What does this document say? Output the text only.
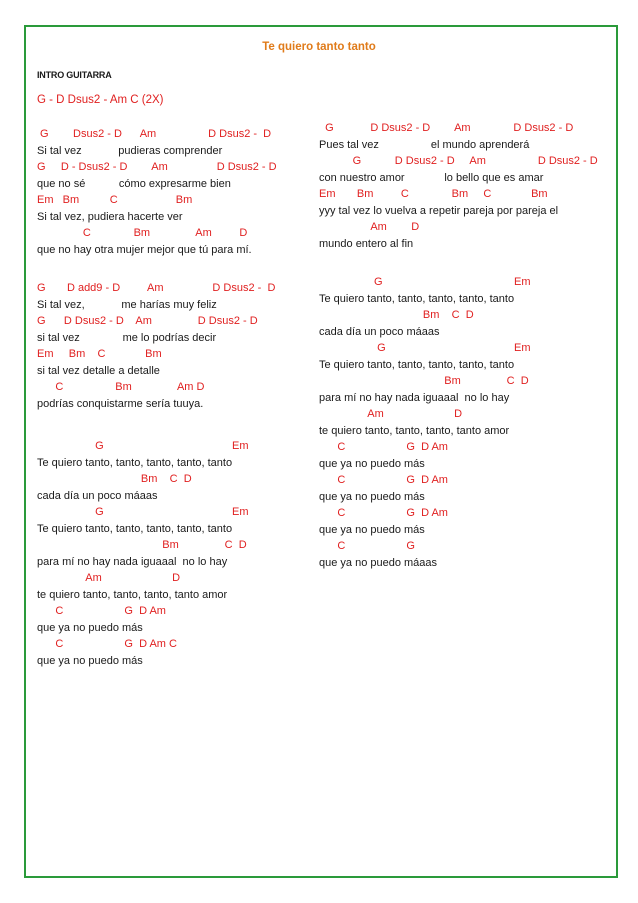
Te quiero tanto tanto
INTRO GUITARRA
G - D Dsus2 - Am C (2X)
G        Dsus2 - D      Am                 D Dsus2 -  D
Si tal vez            pudieras comprender
G     D - Dsus2 - D        Am                D Dsus2 - D
que no sé           cómo expresarme bien
Em   Bm          C                   Bm
Si tal vez, pudiera hacerte ver
C              Bm               Am         D
que no hay otra mujer mejor que tú para mí.
G       D add9 - D         Am                D Dsus2 -  D
Si tal vez,            me harías muy feliz
G      D Dsus2 - D    Am               D Dsus2 - D
si tal vez              me lo podrías decir
Em     Bm    C             Bm
si tal vez detalle a detalle
C                 Bm               Am D
podrías conquistarme sería tuuya.
G                                          Em
Te quiero tanto, tanto, tanto, tanto, tanto
Bm    C  D
cada día un poco máaas
G                                          Em
Te quiero tanto, tanto, tanto, tanto, tanto
Bm               C  D
para mí no hay nada iguaaal  no lo hay
Am                       D
te quiero tanto, tanto, tanto, tanto amor
C                    G  D Am
que ya no puedo más
C                    G  D Am C
que ya no puedo más
G            D Dsus2 - D        Am              D Dsus2 - D
Pues tal vez                 el mundo aprenderá
G           D Dsus2 - D     Am                 D Dsus2 - D
con nuestro amor             lo bello que es amar
Em       Bm         C              Bm     C             Bm
yyy tal vez lo vuelva a repetir pareja por pareja el
Am        D
mundo entero al fin
G                                           Em
Te quiero tanto, tanto, tanto, tanto, tanto
Bm    C  D
cada día un poco máaas
G                                          Em
Te quiero tanto, tanto, tanto, tanto, tanto
Bm               C  D
para mí no hay nada iguaaal  no lo hay
Am                       D
te quiero tanto, tanto, tanto, tanto amor
C                    G  D Am
que ya no puedo más
C                    G  D Am
que ya no puedo más
C                    G  D Am
que ya no puedo más
C                    G
que ya no puedo máaas
